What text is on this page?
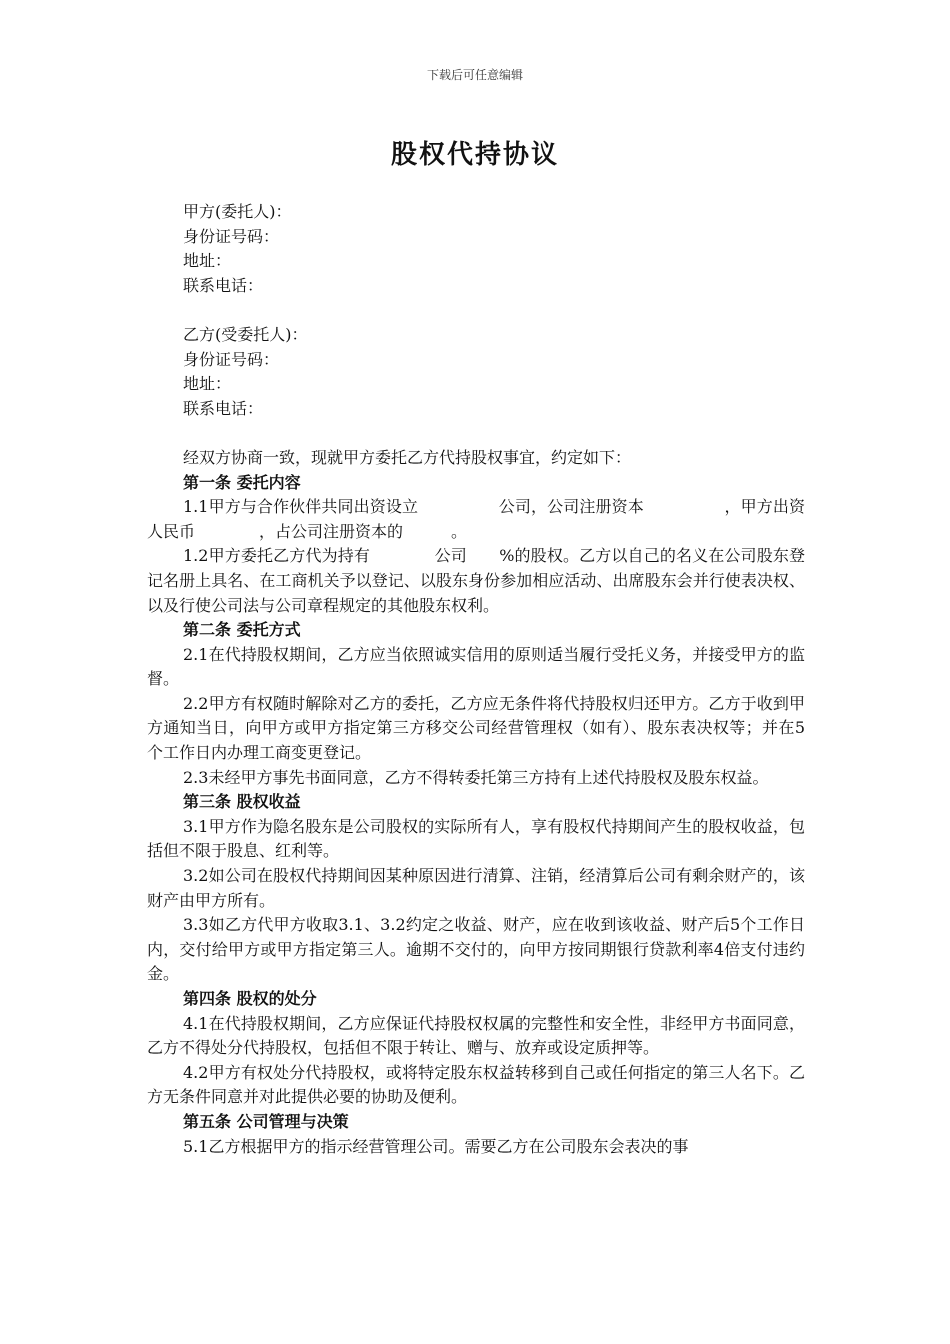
下载后可任意编辑
股权代持协议
甲方(委托人)：
身份证号码：
地址：
联系电话：
乙方(受委托人)：
身份证号码：
地址：
联系电话：

经双方协商一致，现就甲方委托乙方代持股权事宜，约定如下：

第一条 委托内容

1.1甲方与合作伙伴共同出资设立　　　　　公司，公司注册资本　　　　　，甲方出资人民币　　　　，占公司注册资本的　　　。

1.2甲方委托乙方代为持有　　　　公司　　%的股权。乙方以自己的名义在公司股东登记名册上具名、在工商机关予以登记、以股东身份参加相应活动、出席股东会并行使表决权、以及行使公司法与公司章程规定的其他股东权利。

第二条 委托方式

2.1在代持股权期间，乙方应当依照诚实信用的原则适当履行受托义务，并接受甲方的监督。

2.2甲方有权随时解除对乙方的委托，乙方应无条件将代持股权归还甲方。乙方于收到甲方通知当日，向甲方或甲方指定第三方移交公司经营管理权（如有）、股东表决权等；并在5个工作日内办理工商变更登记。

2.3未经甲方事先书面同意，乙方不得转委托第三方持有上述代持股权及股东权益。

第三条 股权收益

3.1甲方作为隐名股东是公司股权的实际所有人，享有股权代持期间产生的股权收益，包括但不限于股息、红利等。

3.2如公司在股权代持期间因某种原因进行清算、注销，经清算后公司有剩余财产的，该财产由甲方所有。

3.3如乙方代甲方收取3.1、3.2约定之收益、财产，应在收到该收益、财产后5个工作日内，交付给甲方或甲方指定第三人。逾期不交付的，向甲方按同期银行贷款利率4倍支付违约金。

第四条 股权的处分

4.1在代持股权期间，乙方应保证代持股权权属的完整性和安全性，非经甲方书面同意，乙方不得处分代持股权，包括但不限于转让、赠与、放弃或设定质押等。

4.2甲方有权处分代持股权，或将特定股东权益转移到自己或任何指定的第三人名下。乙方无条件同意并对此提供必要的协助及便利。

第五条 公司管理与决策

5.1乙方根据甲方的指示经营管理公司。需要乙方在公司股东会表决的事
